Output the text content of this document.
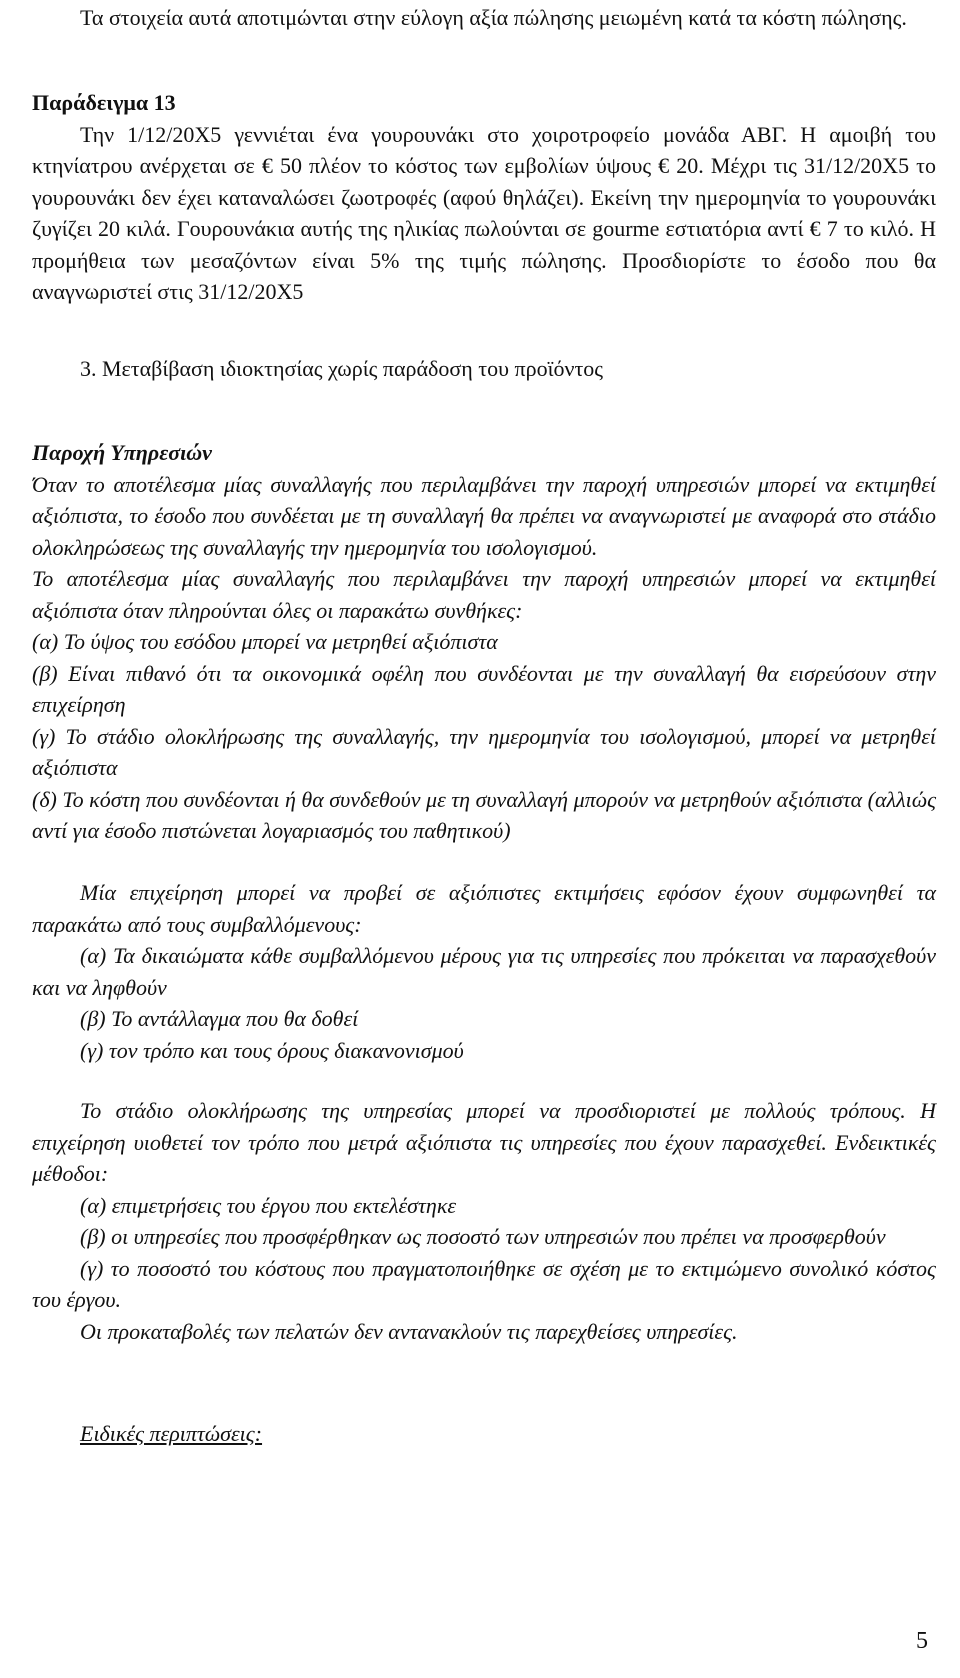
Τα στοιχεία αυτά αποτιμώνται στην εύλογη αξία πώλησης μειωμένη κατά τα κόστη πώλησης.

Παράδειγμα 13

Την 1/12/20Χ5 γεννιέται ένα γουρουνάκι στο χοιροτροφείο μονάδα ΑΒΓ. Η αμοιβή του κτηνίατρου ανέρχεται σε € 50 πλέον το κόστος των εμβολίων ύψους € 20. Μέχρι τις 31/12/20Χ5 το γουρουνάκι δεν έχει καταναλώσει ζωοτροφές (αφού θηλάζει). Εκείνη την ημερομηνία το γουρουνάκι ζυγίζει 20 κιλά. Γουρουνάκια αυτής της ηλικίας πωλούνται σε gourme εστιατόρια αντί € 7 το κιλό. Η προμήθεια των μεσαζόντων είναι 5% της τιμής πώλησης. Προσδιορίστε το έσοδο που θα αναγνωριστεί στις 31/12/20Χ5

3. Μεταβίβαση ιδιοκτησίας χωρίς παράδοση του προϊόντος

Παροχή Υπηρεσιών

Όταν το αποτέλεσμα μίας συναλλαγής που περιλαμβάνει την παροχή υπηρεσιών μπορεί να εκτιμηθεί αξιόπιστα, το έσοδο που συνδέεται με τη συναλλαγή θα πρέπει να αναγνωριστεί με αναφορά στο στάδιο ολοκληρώσεως της συναλλαγής την ημερομηνία του ισολογισμού.

Το αποτέλεσμα μίας συναλλαγής που περιλαμβάνει την παροχή υπηρεσιών μπορεί να εκτιμηθεί αξιόπιστα όταν πληρούνται όλες οι παρακάτω συνθήκες:

(α) Το ύψος του εσόδου μπορεί να μετρηθεί αξιόπιστα

(β) Είναι πιθανό ότι τα οικονομικά οφέλη που συνδέονται με την συναλλαγή θα εισρεύσουν στην επιχείρηση

(γ) Το στάδιο ολοκλήρωσης της συναλλαγής, την ημερομηνία του ισολογισμού, μπορεί να μετρηθεί αξιόπιστα

(δ) Το κόστη που συνδέονται ή θα συνδεθούν με τη συναλλαγή μπορούν να μετρηθούν αξιόπιστα (αλλιώς αντί για έσοδο πιστώνεται λογαριασμός του παθητικού)

Μία επιχείρηση μπορεί να προβεί σε αξιόπιστες εκτιμήσεις εφόσον έχουν συμφωνηθεί τα παρακάτω από τους συμβαλλόμενους:

(α) Τα δικαιώματα κάθε συμβαλλόμενου μέρους για τις υπηρεσίες που πρόκειται να παρασχεθούν και να ληφθούν

(β) Το αντάλλαγμα που θα δοθεί

(γ) τον τρόπο και τους όρους διακανονισμού

Το στάδιο ολοκλήρωσης της υπηρεσίας μπορεί να προσδιοριστεί με πολλούς τρόπους. Η επιχείρηση υιοθετεί τον τρόπο που μετρά αξιόπιστα τις υπηρεσίες που έχουν παρασχεθεί. Ενδεικτικές μέθοδοι:

(α) επιμετρήσεις του έργου που εκτελέστηκε

(β) οι υπηρεσίες που προσφέρθηκαν ως ποσοστό των υπηρεσιών που πρέπει να προσφερθούν

(γ) το ποσοστό του κόστους που πραγματοποιήθηκε σε σχέση με το εκτιμώμενο συνολικό κόστος του έργου.

Οι προκαταβολές των πελατών δεν αντανακλούν τις παρεχθείσες υπηρεσίες.

Ειδικές περιπτώσεις:

5
